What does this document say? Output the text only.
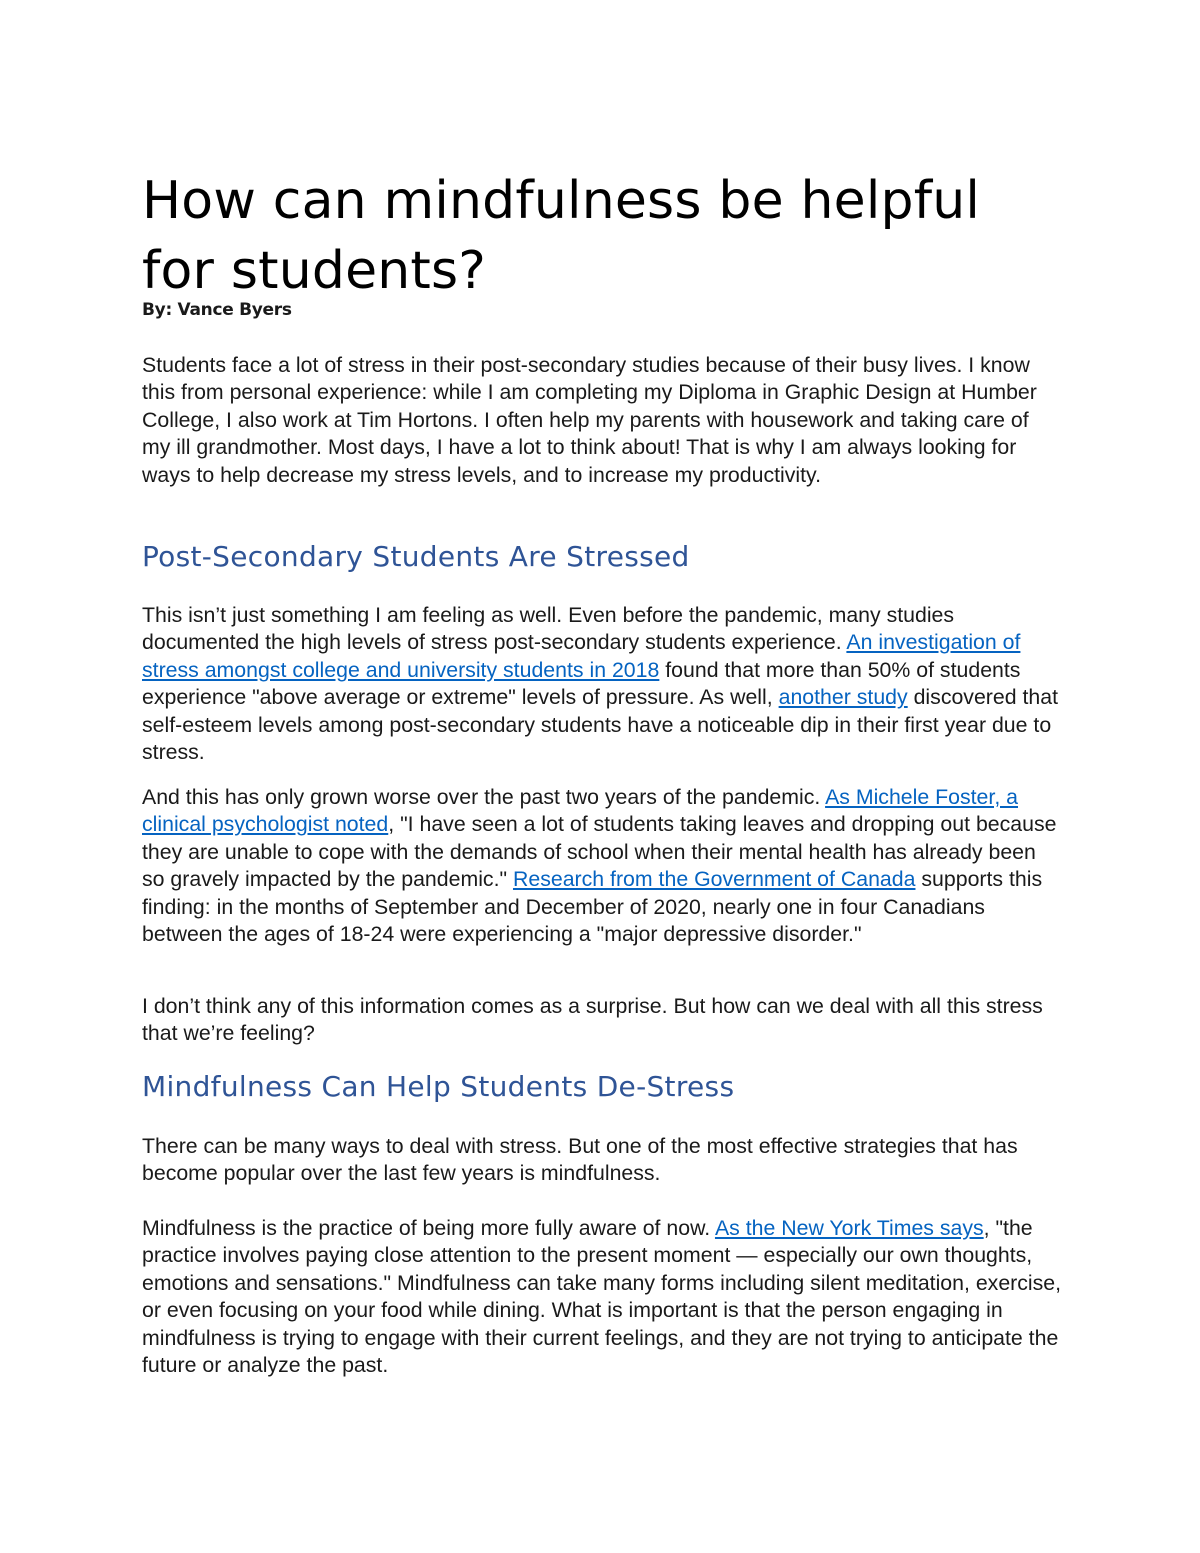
How can mindfulness be helpful for students?
By: Vance Byers

Students face a lot of stress in their post-secondary studies because of their busy lives. I know this from personal experience: while I am completing my Diploma in Graphic Design at Humber College, I also work at Tim Hortons. I often help my parents with housework and taking care of my ill grandmother. Most days, I have a lot to think about! That is why I am always looking for ways to help decrease my stress levels, and to increase my productivity.

Post-Secondary Students Are Stressed

This isn’t just something I am feeling as well. Even before the pandemic, many studies documented the high levels of stress post-secondary students experience. An investigation of stress amongst college and university students in 2018 found that more than 50% of students experience "above average or extreme" levels of pressure. As well, another study discovered that self-esteem levels among post-secondary students have a noticeable dip in their first year due to stress.

And this has only grown worse over the past two years of the pandemic. As Michele Foster, a clinical psychologist noted, "I have seen a lot of students taking leaves and dropping out because they are unable to cope with the demands of school when their mental health has already been so gravely impacted by the pandemic." Research from the Government of Canada supports this finding: in the months of September and December of 2020, nearly one in four Canadians between the ages of 18-24 were experiencing a "major depressive disorder."

I don’t think any of this information comes as a surprise. But how can we deal with all this stress that we’re feeling?

Mindfulness Can Help Students De-Stress

There can be many ways to deal with stress. But one of the most effective strategies that has become popular over the last few years is mindfulness.

Mindfulness is the practice of being more fully aware of now. As the New York Times says, "the practice involves paying close attention to the present moment — especially our own thoughts, emotions and sensations." Mindfulness can take many forms including silent meditation, exercise, or even focusing on your food while dining. What is important is that the person engaging in mindfulness is trying to engage with their current feelings, and they are not trying to anticipate the future or analyze the past.
